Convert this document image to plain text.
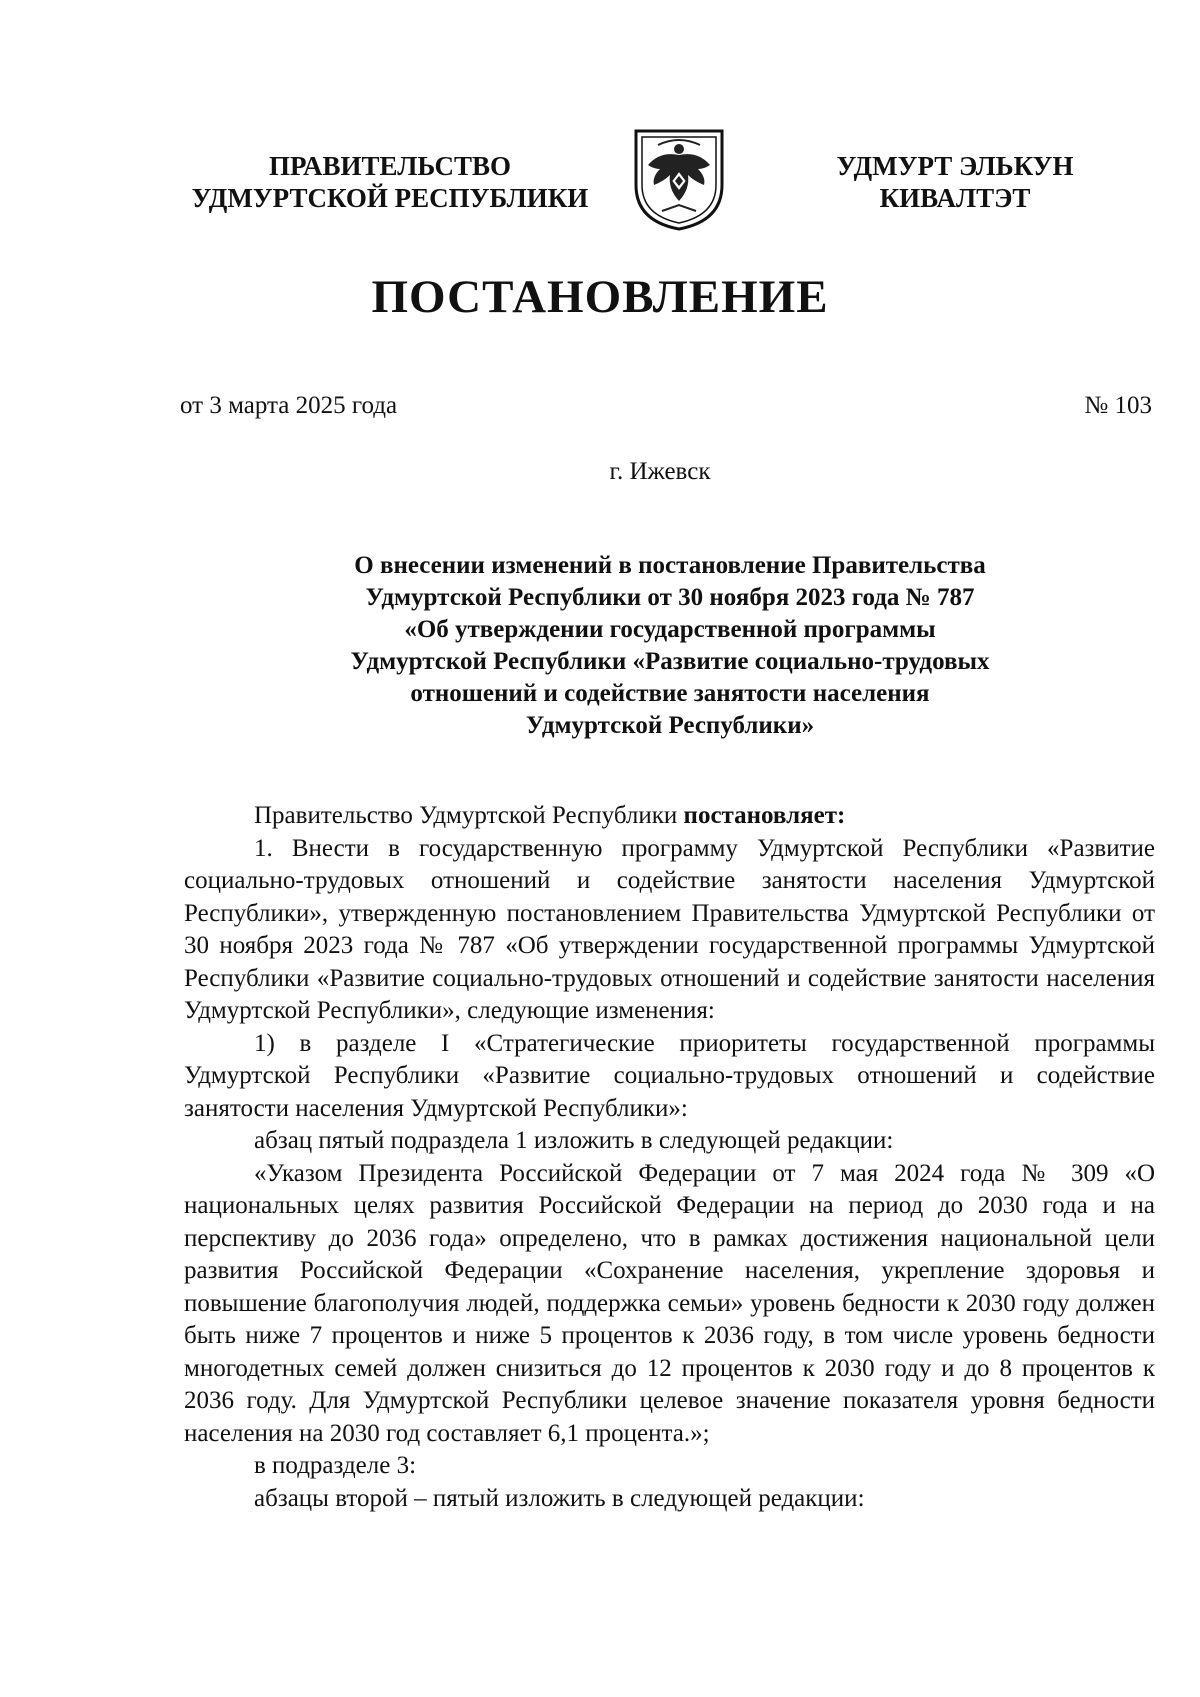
ПРАВИТЕЛЬСТВО
УДМУРТСКОЙ РЕСПУБЛИКИ
УДМУРТ ЭЛЬКУН
КИВАЛТЭТ
ПОСТАНОВЛЕНИЕ
от 3 марта 2025 года	№ 103
г. Ижевск
О внесении изменений в постановление Правительства
Удмуртской Республики от 30 ноября 2023 года № 787
«Об утверждении государственной программы
Удмуртской Республики «Развитие социально-трудовых
отношений и содействие занятости населения
Удмуртской Республики»

Правительство Удмуртской Республики постановляет:

1. Внести в государственную программу Удмуртской Республики «Развитие социально-трудовых отношений и содействие занятости населения Удмуртской Республики», утвержденную постановлением Правительства Удмуртской Республики от 30 ноября 2023 года № 787 «Об утверждении государственной программы Удмуртской Республики «Развитие социально-трудовых отношений и содействие занятости населения Удмуртской Республики», следующие изменения:

1) в разделе I «Стратегические приоритеты государственной программы Удмуртской Республики «Развитие социально-трудовых отношений и содействие занятости населения Удмуртской Республики»:

абзац пятый подраздела 1 изложить в следующей редакции:

«Указом Президента Российской Федерации от 7 мая 2024 года № 309 «О национальных целях развития Российской Федерации на период до 2030 года и на перспективу до 2036 года» определено, что в рамках достижения национальной цели развития Российской Федерации «Сохранение населения, укрепление здоровья и повышение благополучия людей, поддержка семьи» уровень бедности к 2030 году должен быть ниже 7 процентов и ниже 5 процентов к 2036 году, в том числе уровень бедности многодетных семей должен снизиться до 12 процентов к 2030 году и до 8 процентов к 2036 году. Для Удмуртской Республики целевое значение показателя уровня бедности населения на 2030 год составляет 6,1 процента.»;

в подразделе 3:

абзацы второй – пятый изложить в следующей редакции:
